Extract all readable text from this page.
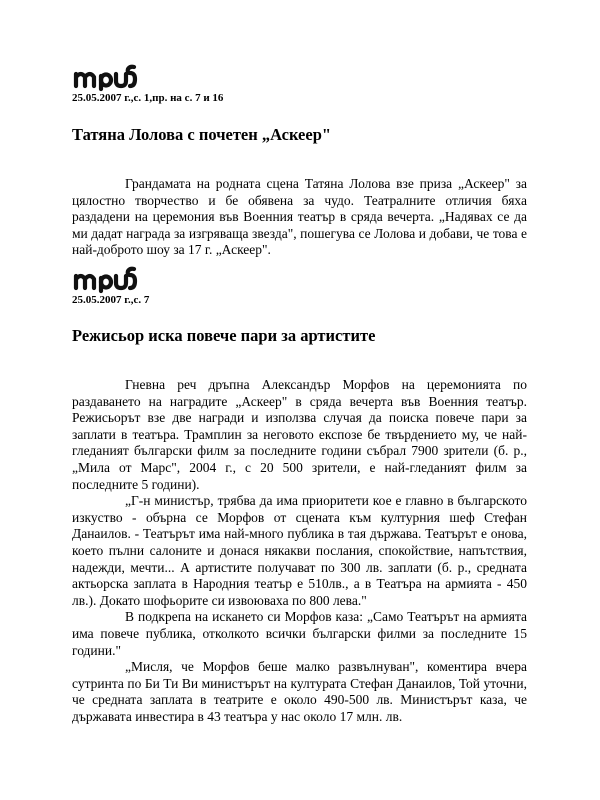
25.05.2007 г.,с. 1,пр. на с. 7 и 16
Татяна Лолова с почетен „Аскеер"

Грандамата на родната сцена Татяна Лолова взе приза „Аскеер" за цялостно творчество и бе обявена за чудо. Театралните отличия бяха раздадени на церемония във Военния театър в сряда вечерта. „Надявах се да ми дадат награда за изгряваща звезда", пошегува се Лолова и добави, че това е най-доброто шоу за 17 г. „Аскеер".

25.05.2007 г.,с. 7
Режисьор иска повече пари за артистите

Гневна реч дръпна Александър Морфов на церемонията по раздаването на наградите „Аскеер" в сряда вечерта във Военния театър. Режисьорът взе две награди и използва случая да поиска повече пари за заплати в театъра. Трамплин за неговото експозе бе твърдението му, че най-гледаният български филм за последните години събрал 7900 зрители (б. р., „Мила от Марс", 2004 г., с 20 500 зрители, е най-гледаният филм за последните 5 години).

„Г-н министър, трябва да има приоритети кое е главно в българското изкуство - обърна се Морфов от сцената към културния шеф Стефан Данаилов. - Театърът има най-много публика в тая държава. Театърът е онова, което пълни салоните и донася някакви послания, спокойствие, напътствия, надежди, мечти... А артистите получават по 300 лв. заплати (б. р., средната актьорска заплата в Народния театър е 510лв., а в Театъра на армията - 450 лв.). Докато шофьорите си извоюваха по 800 лева."

В подкрепа на искането си Морфов каза: „Само Театърът на армията има повече публика, отколкото всички български филми за последните 15 години."

„Мисля, че Морфов беше малко развълнуван", коментира вчера сутринта по Би Ти Ви министърът на културата Стефан Данаилов, Той уточни, че средната заплата в театрите е около 490-500 лв. Министърът каза, че държавата инвестира в 43 театъра у нас около 17 млн. лв.
